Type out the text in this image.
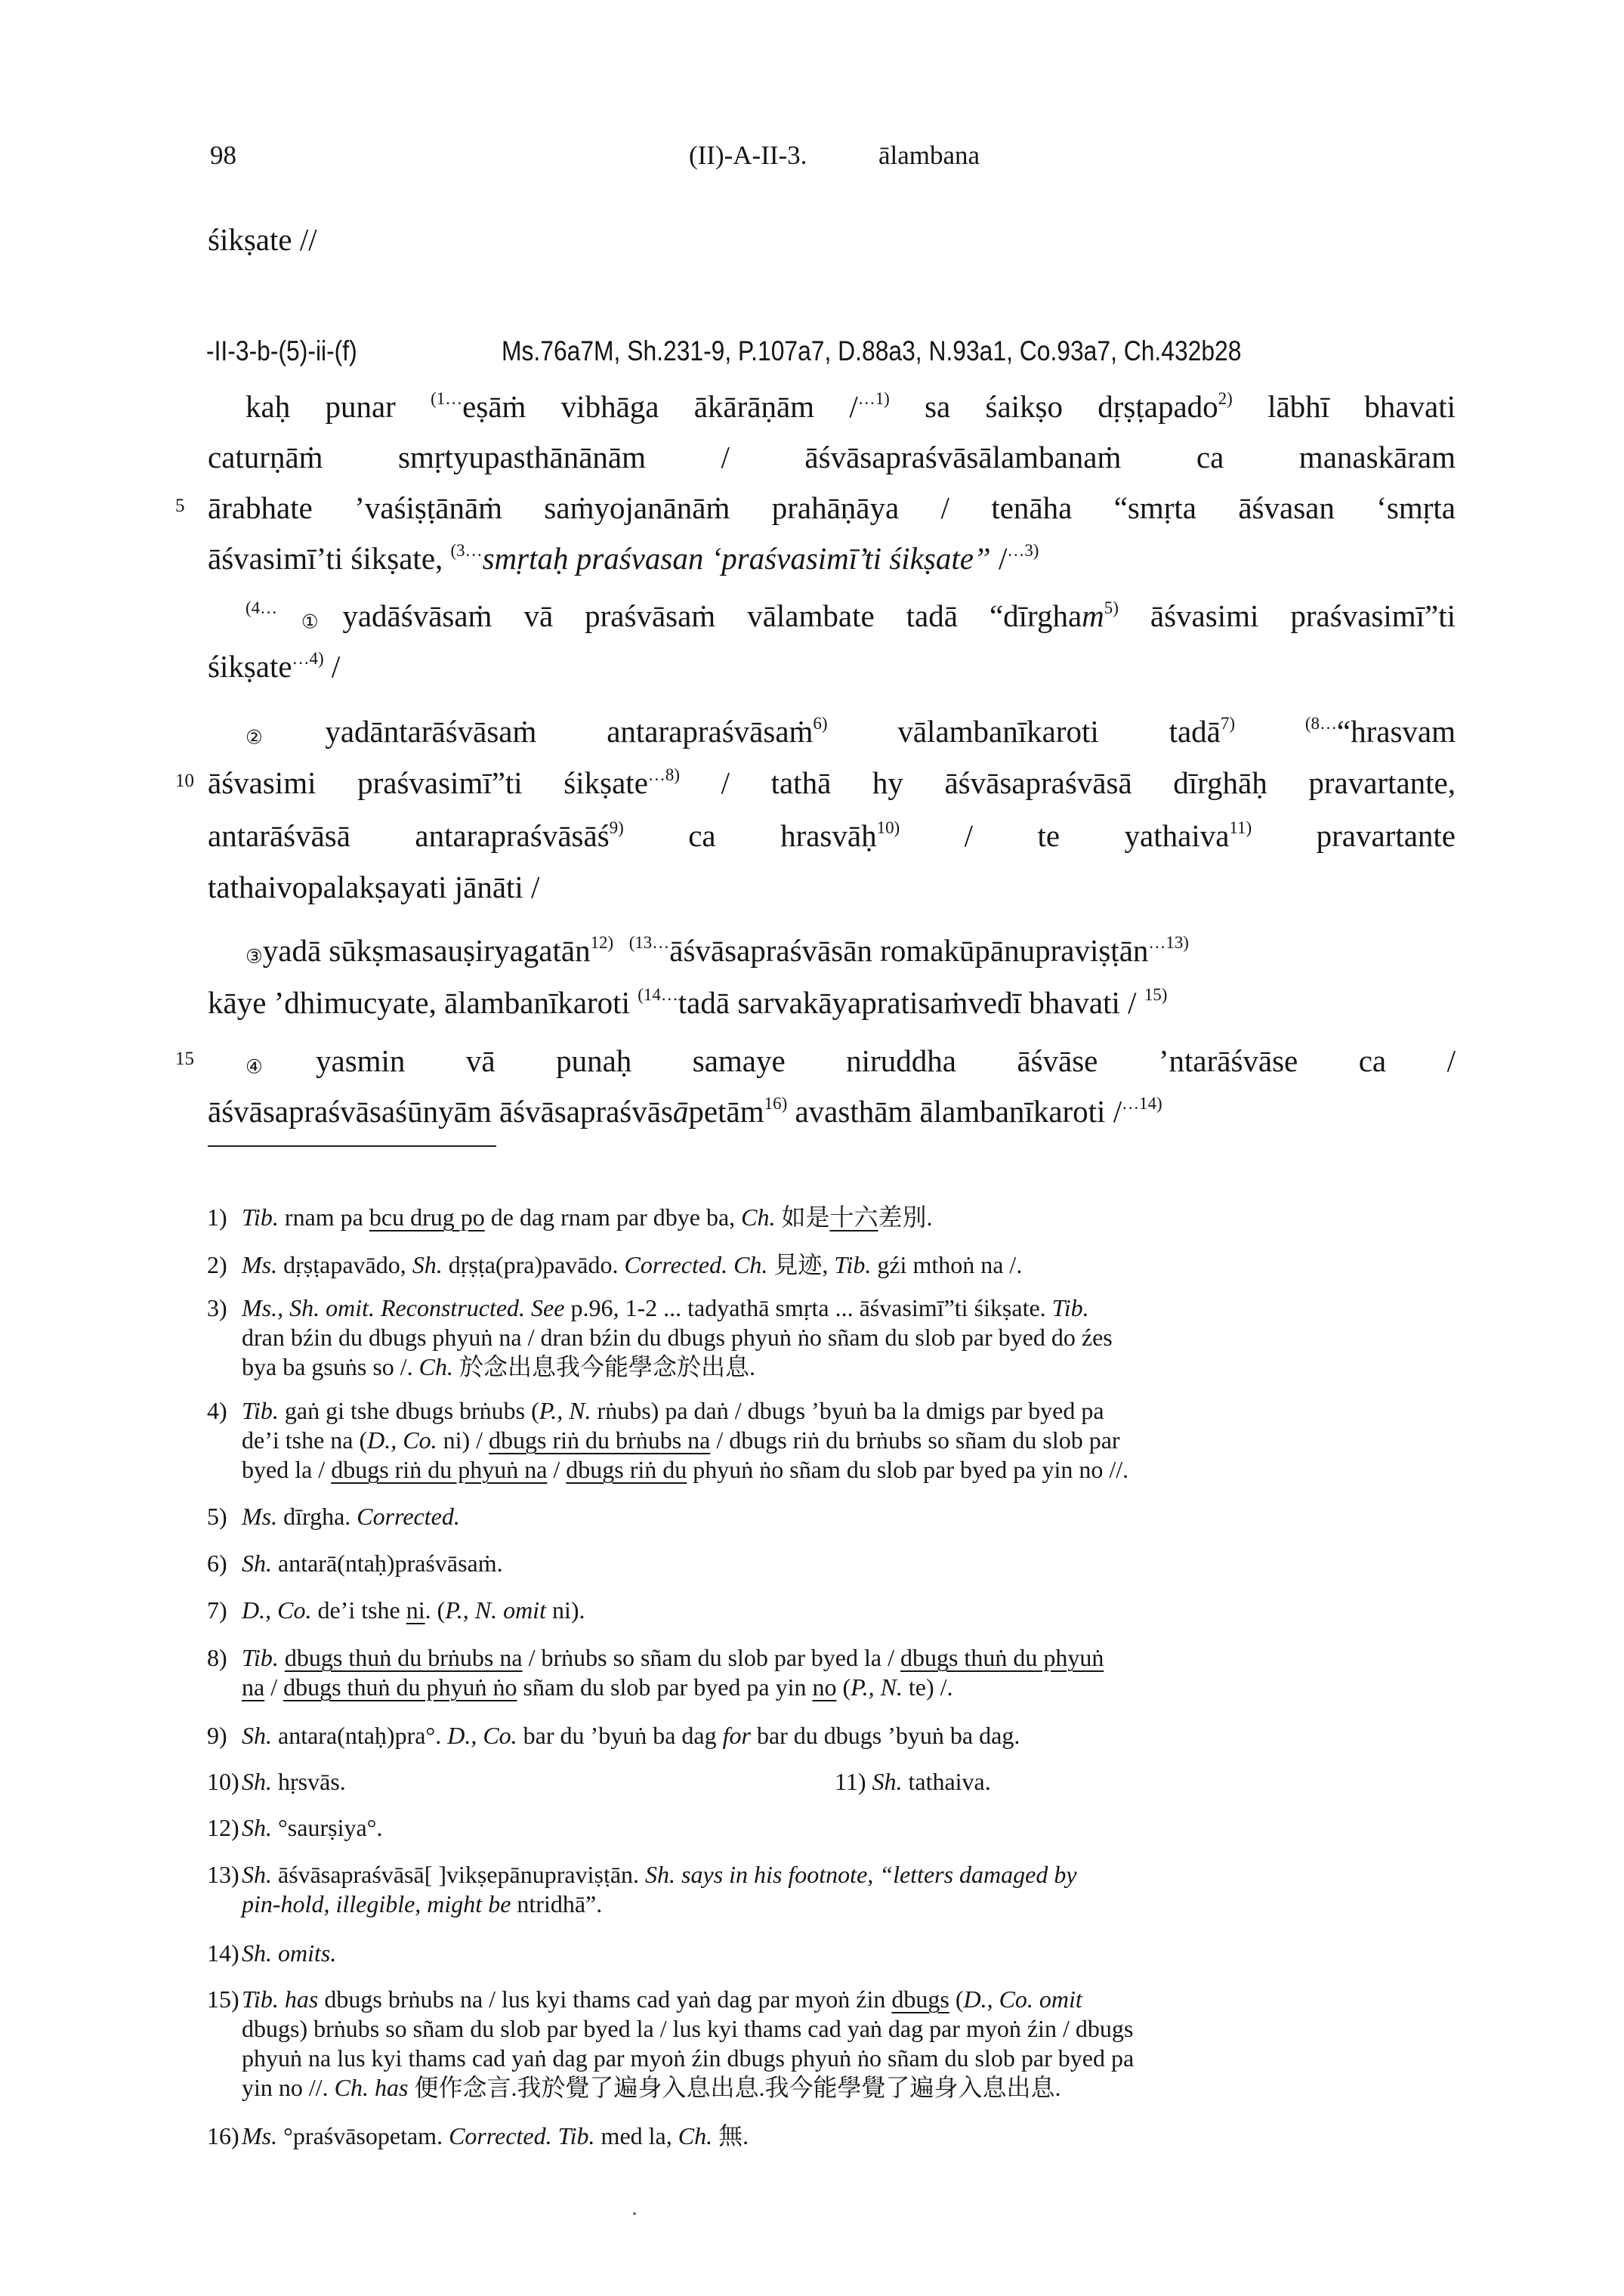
98	(II)-A-II-3.	ālambana
śikṣate //
-II-3-b-(5)-ii-(f)	Ms.76a7M, Sh.231-9, P.107a7, D.88a3, N.93a1, Co.93a7, Ch.432b28
kaḥ punar $^{(1\dots}$eṣāṁ vibhāga ākārāṇām /$^{\dots 1)}$ sa śaikṣo dṛṣṭapado$^{2)}$ lābhī bhavati
caturṇāṁ smṛtyupasthānānām / āśvāsapraśvāsālambanaṁ ca manaskāram
5 ārabhate ’vaśiṣṭānāṁ saṁyojanānāṁ prahāṇāya / tenāha “smṛta āśvasan ‘smṛta
āśvasimī’ti śikṣate, $^{(3\dots}$smṛtaḥ praśvasan ‘praśvasimī’ti śikṣate” /$^{\dots 3)}$
$^{(4\dots}$①yadāśvāsaṁ vā praśvāsaṁ vālambate tadā “dīrgham$^{5)}$ āśvasimi praśvasimī”ti
śikṣate$^{\dots 4)}$ /
②yadāntarāśvāsaṁ antarapraśvāsaṁ$^{6)}$ vālambanīkaroti tadā$^{7)}$	$^{(8\dots}$“hrasvam
10 āśvasimi praśvasimī”ti śikṣate$^{\dots 8)}$ / tathā hy āśvāsapraśvāsā dīrghāḥ pravartante,
antarāśvāsā antarapraśvāsāś$^{9)}$ ca hrasvāḥ$^{10)}$ / te yathaiva$^{11)}$ pravartante
tathaivopalakṣayati jānāti /
③yadā sūkṣmasauṣiryagatān$^{12)}$ $^{(13\dots}$āśvāsapraśvāsān romakūpānupraviṣṭān$^{\dots 13)}$
kāye ’dhimucyate, ālambanīkaroti $^{(14\dots}$tadā sarvakāyapratisaṁvedī bhavati / $^{15)}$
15	④yasmin vā punaḥ samaye niruddha āśvāse ’ntarāśvāse ca /
āśvāsapraśvāsaśūnyām āśvāsapraśvāsāpetām$^{16)}$ avasthām ālambanīkaroti /$^{\dots 14)}$
1) Tib. rnam pa bcu drug po de dag rnam par dbye ba, Ch. 如是十六差別.
2) Ms. dṛṣṭapavādo, Sh. dṛṣṭa(pra)pavādo. Corrected. Ch. 見迹, Tib. gźi mthoṅ na /.
3) Ms., Sh. omit. Reconstructed. See p.96, 1-2 ... tadyathā smṛta ... āśvasimī”ti śikṣate. Tib.
dran bźin du dbugs phyuṅ na / dran bźin du dbugs phyuṅ ṅo sñam du slob par byed do źes
bya ba gsuṅs so /. Ch. 於念出息我今能學念於出息.
4) Tib. gaṅ gi tshe dbugs brṅubs (P., N. rṅubs) pa daṅ / dbugs ’byuṅ ba la dmigs par byed pa
de’i tshe na (D., Co. ni) / dbugs riṅ du brṅubs na / dbugs riṅ du brṅubs so sñam du slob par
byed la / dbugs riṅ du phyuṅ na / dbugs riṅ du phyuṅ ṅo sñam du slob par byed pa yin no //.
5) Ms. dīrgha. Corrected.
6) Sh. antarā(ntaḥ)praśvāsaṁ.
7) D., Co. de’i tshe ni. (P., N. omit ni).
8) Tib. dbugs thuṅ du brṅubs na / brṅubs so sñam du slob par byed la / dbugs thuṅ du phyuṅ
na / dbugs thuṅ du phyuṅ ṅo sñam du slob par byed pa yin no (P., N. te) /.
9) Sh. antara(ntaḥ)pra°. D., Co. bar du ’byuṅ ba dag for bar du dbugs ’byuṅ ba dag.
10) Sh. hṛsvās.	11) Sh. tathaiva.
12) Sh. °saurṣiya°.
13) Sh. āśvāsapraśvāsā[ ]vikṣepānupraviṣṭān. Sh. says in his footnote, “letters damaged by
pin-hold, illegible, might be ntridhā”.
14) Sh. omits.
15) Tib. has dbugs brṅubs na / lus kyi thams cad yaṅ dag par myoṅ źin dbugs (D., Co. omit
dbugs) brṅubs so sñam du slob par byed la / lus kyi thams cad yaṅ dag par myoṅ źin / dbugs
phyuṅ na lus kyi thams cad yaṅ dag par myoṅ źin dbugs phyuṅ ṅo sñam du slob par byed pa
yin no //. Ch. has 便作念言.我於覺了遍身入息出息.我今能學覺了遍身入息出息.
16) Ms. °praśvāsopetam. Corrected. Tib. med la, Ch. 無.
